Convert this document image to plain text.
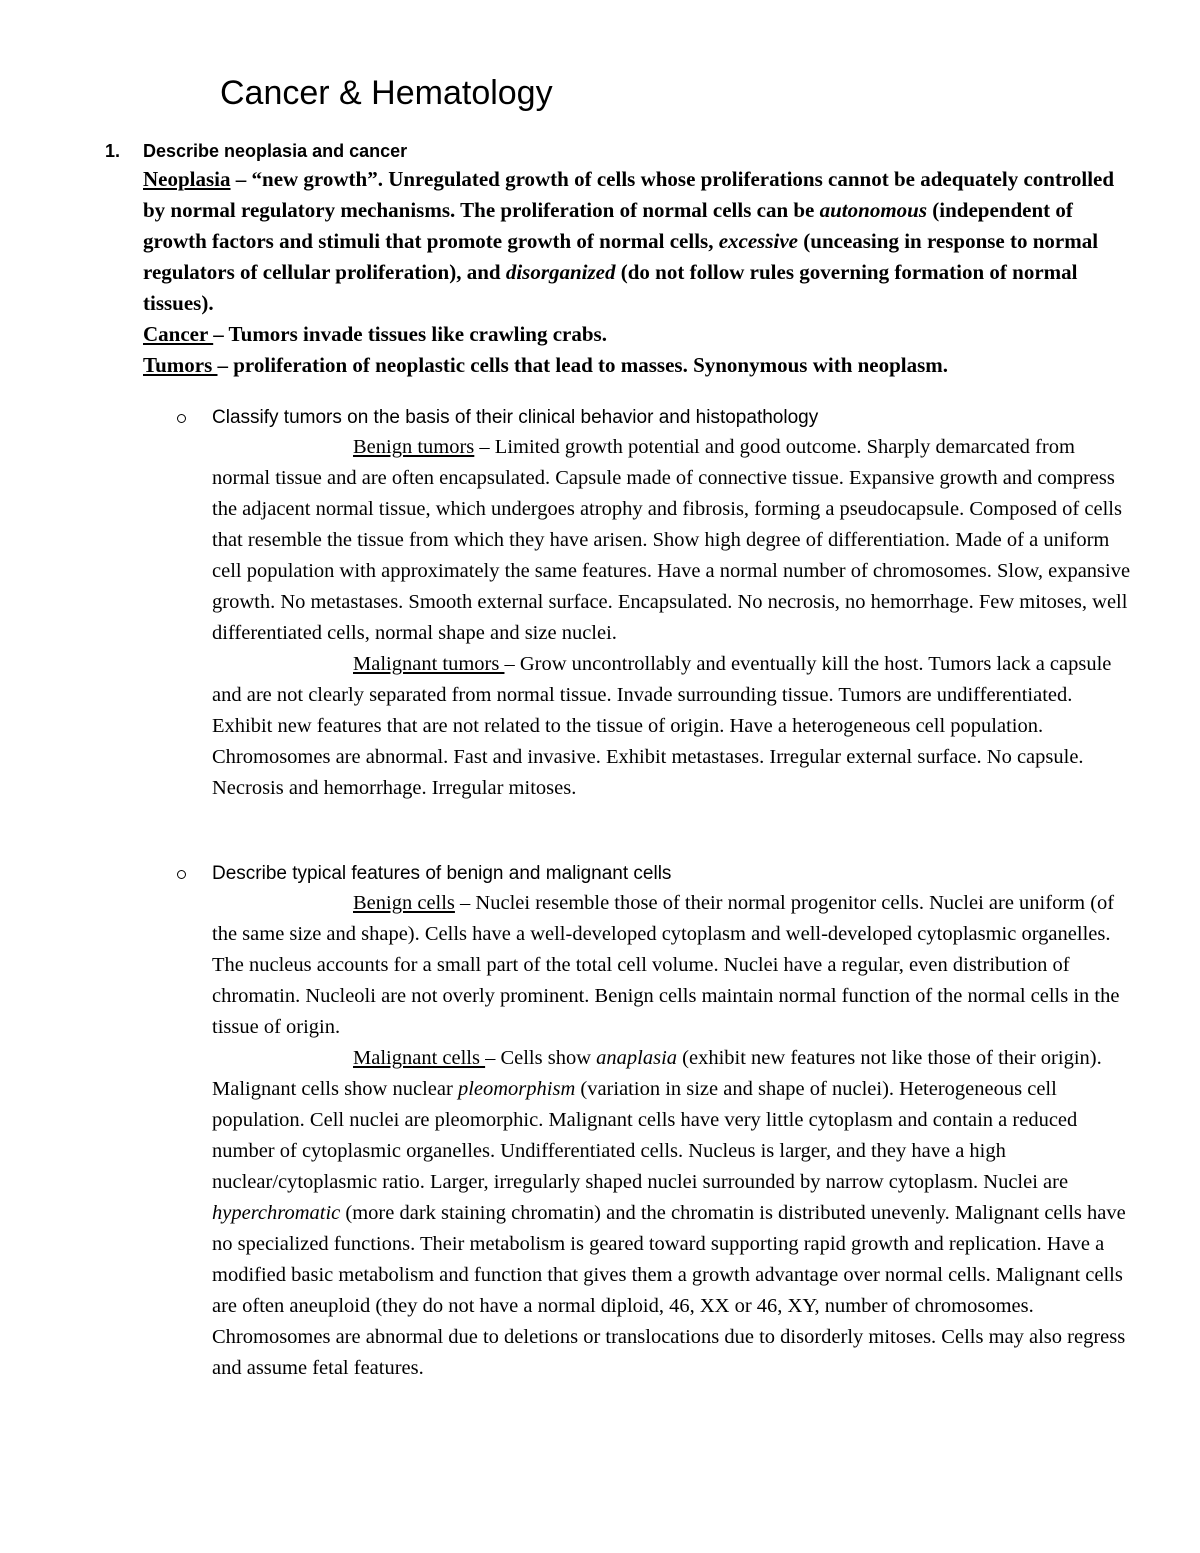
Cancer & Hematology
1. Describe neoplasia and cancer

Neoplasia – “new growth”. Unregulated growth of cells whose proliferations cannot be adequately controlled by normal regulatory mechanisms. The proliferation of normal cells can be autonomous (independent of growth factors and stimuli that promote growth of normal cells, excessive (unceasing in response to normal regulators of cellular proliferation), and disorganized (do not follow rules governing formation of normal tissues).

Cancer – Tumors invade tissues like crawling crabs.

Tumors – proliferation of neoplastic cells that lead to masses. Synonymous with neoplasm.

Classify tumors on the basis of their clinical behavior and histopathology

Benign tumors – Limited growth potential and good outcome. Sharply demarcated from normal tissue and are often encapsulated. Capsule made of connective tissue. Expansive growth and compress the adjacent normal tissue, which undergoes atrophy and fibrosis, forming a pseudocapsule. Composed of cells that resemble the tissue from which they have arisen. Show high degree of differentiation. Made of a uniform cell population with approximately the same features. Have a normal number of chromosomes. Slow, expansive growth. No metastases. Smooth external surface. Encapsulated. No necrosis, no hemorrhage. Few mitoses, well differentiated cells, normal shape and size nuclei.

Malignant tumors – Grow uncontrollably and eventually kill the host. Tumors lack a capsule and are not clearly separated from normal tissue. Invade surrounding tissue. Tumors are undifferentiated. Exhibit new features that are not related to the tissue of origin. Have a heterogeneous cell population. Chromosomes are abnormal. Fast and invasive. Exhibit metastases. Irregular external surface. No capsule. Necrosis and hemorrhage. Irregular mitoses.

Describe typical features of benign and malignant cells

Benign cells – Nuclei resemble those of their normal progenitor cells. Nuclei are uniform (of the same size and shape). Cells have a well-developed cytoplasm and well-developed cytoplasmic organelles. The nucleus accounts for a small part of the total cell volume. Nuclei have a regular, even distribution of chromatin. Nucleoli are not overly prominent. Benign cells maintain normal function of the normal cells in the tissue of origin.

Malignant cells – Cells show anaplasia (exhibit new features not like those of their origin). Malignant cells show nuclear pleomorphism (variation in size and shape of nuclei). Heterogeneous cell population. Cell nuclei are pleomorphic. Malignant cells have very little cytoplasm and contain a reduced number of cytoplasmic organelles. Undifferentiated cells. Nucleus is larger, and they have a high nuclear/cytoplasmic ratio. Larger, irregularly shaped nuclei surrounded by narrow cytoplasm. Nuclei are hyperchromatic (more dark staining chromatin) and the chromatin is distributed unevenly. Malignant cells have no specialized functions. Their metabolism is geared toward supporting rapid growth and replication. Have a modified basic metabolism and function that gives them a growth advantage over normal cells. Malignant cells are often aneuploid (they do not have a normal diploid, 46, XX or 46, XY, number of chromosomes. Chromosomes are abnormal due to deletions or translocations due to disorderly mitoses. Cells may also regress and assume fetal features.
